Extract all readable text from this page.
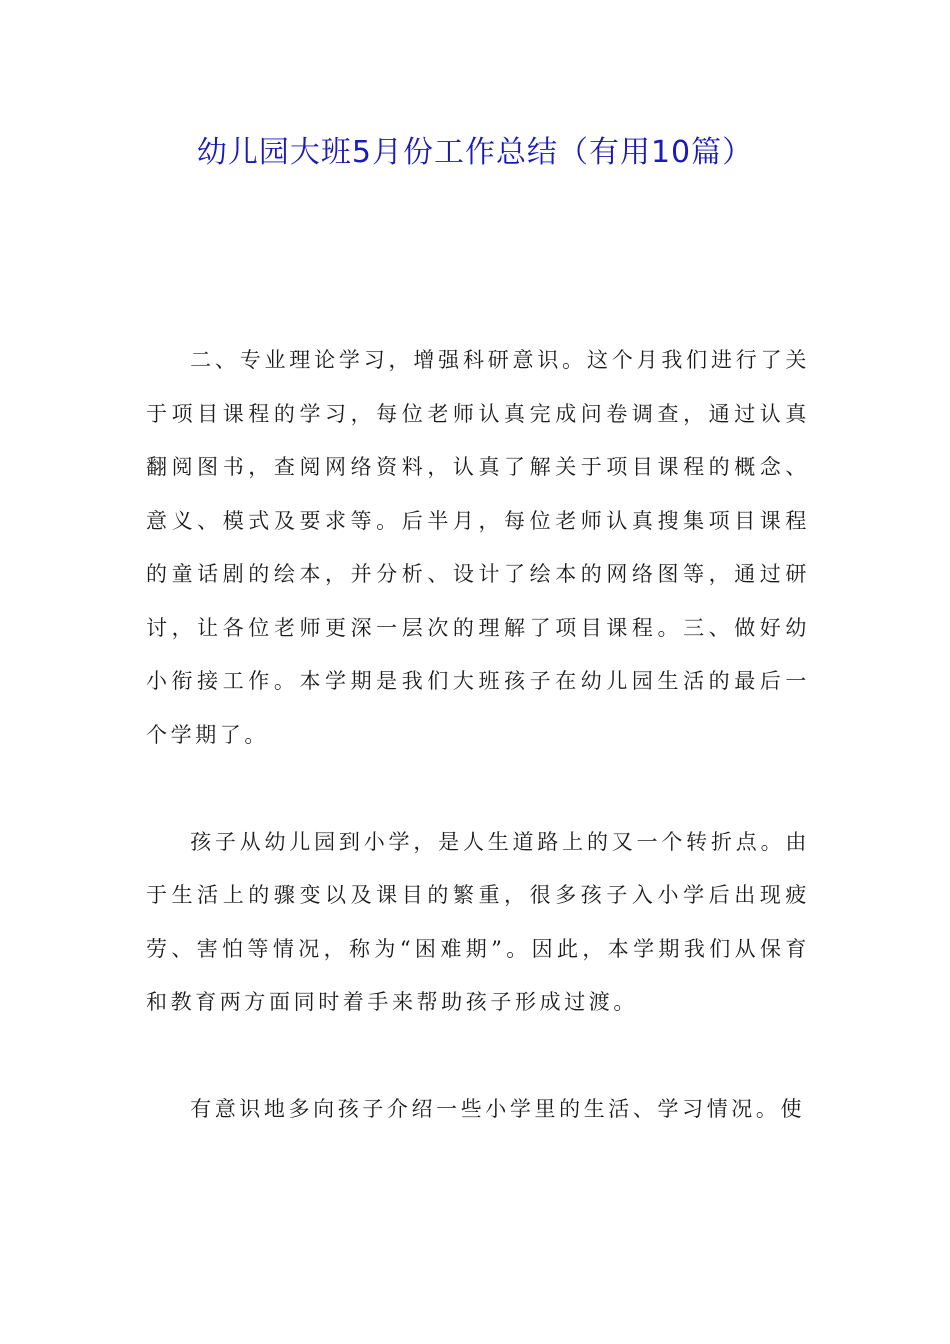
幼儿园大班5月份工作总结（有用10篇）

二、专业理论学习，增强科研意识。这个月我们进行了关于项目课程的学习，每位老师认真完成问卷调查，通过认真翻阅图书，查阅网络资料，认真了解关于项目课程的概念、意义、模式及要求等。后半月，每位老师认真搜集项目课程的童话剧的绘本，并分析、设计了绘本的网络图等，通过研讨，让各位老师更深一层次的理解了项目课程。三、做好幼小衔接工作。本学期是我们大班孩子在幼儿园生活的最后一个学期了。

孩子从幼儿园到小学，是人生道路上的又一个转折点。由于生活上的骤变以及课目的繁重，很多孩子入小学后出现疲劳、害怕等情况，称为“困难期”。因此，本学期我们从保育和教育两方面同时着手来帮助孩子形成过渡。

有意识地多向孩子介绍一些小学里的生活、学习情况。使
